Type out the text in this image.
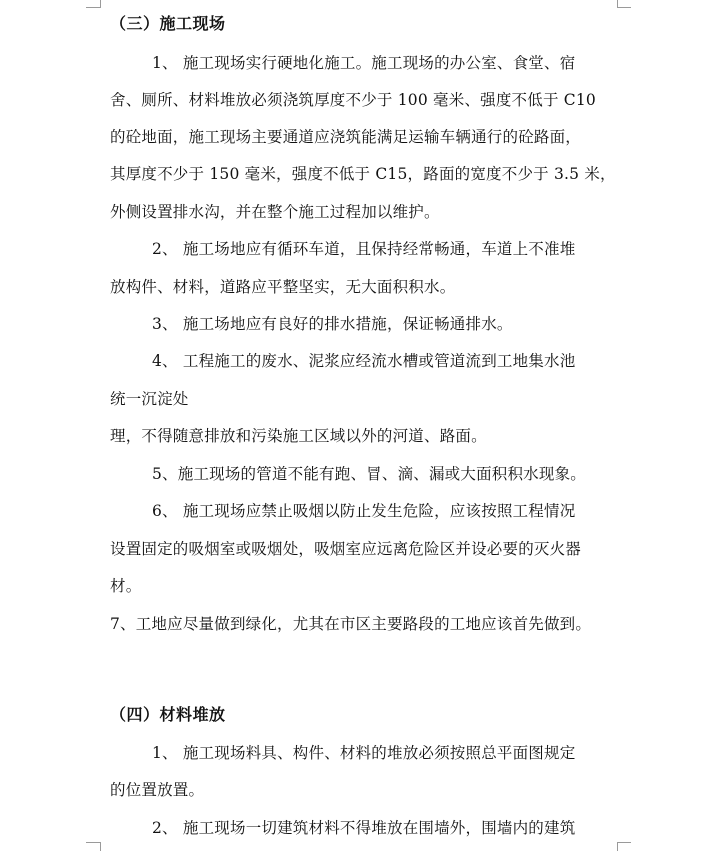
（三）施工现场
1、 施工现场实行硬地化施工。施工现场的办公室、食堂、宿
舍、厕所、材料堆放必须浇筑厚度不少于 100 毫米、强度不低于 C10
的砼地面，施工现场主要通道应浇筑能满足运输车辆通行的砼路面，
其厚度不少于 150 毫米，强度不低于 C15，路面的宽度不少于 3.5 米，
外侧设置排水沟，并在整个施工过程加以维护。
2、 施工场地应有循环车道，且保持经常畅通，车道上不准堆
放构件、材料，道路应平整坚实，无大面积积水。
3、 施工场地应有良好的排水措施，保证畅通排水。
4、 工程施工的废水、泥浆应经流水槽或管道流到工地集水池
统一沉淀处
理，不得随意排放和污染施工区域以外的河道、路面。
5、施工现场的管道不能有跑、冒、滴、漏或大面积积水现象。
6、 施工现场应禁止吸烟以防止发生危险，应该按照工程情况
设置固定的吸烟室或吸烟处，吸烟室应远离危险区并设必要的灭火器
材。
7、工地应尽量做到绿化，尤其在市区主要路段的工地应该首先做到。
（四）材料堆放
1、 施工现场料具、构件、材料的堆放必须按照总平面图规定
的位置放置。
2、 施工现场一切建筑材料不得堆放在围墙外，围墙内的建筑
